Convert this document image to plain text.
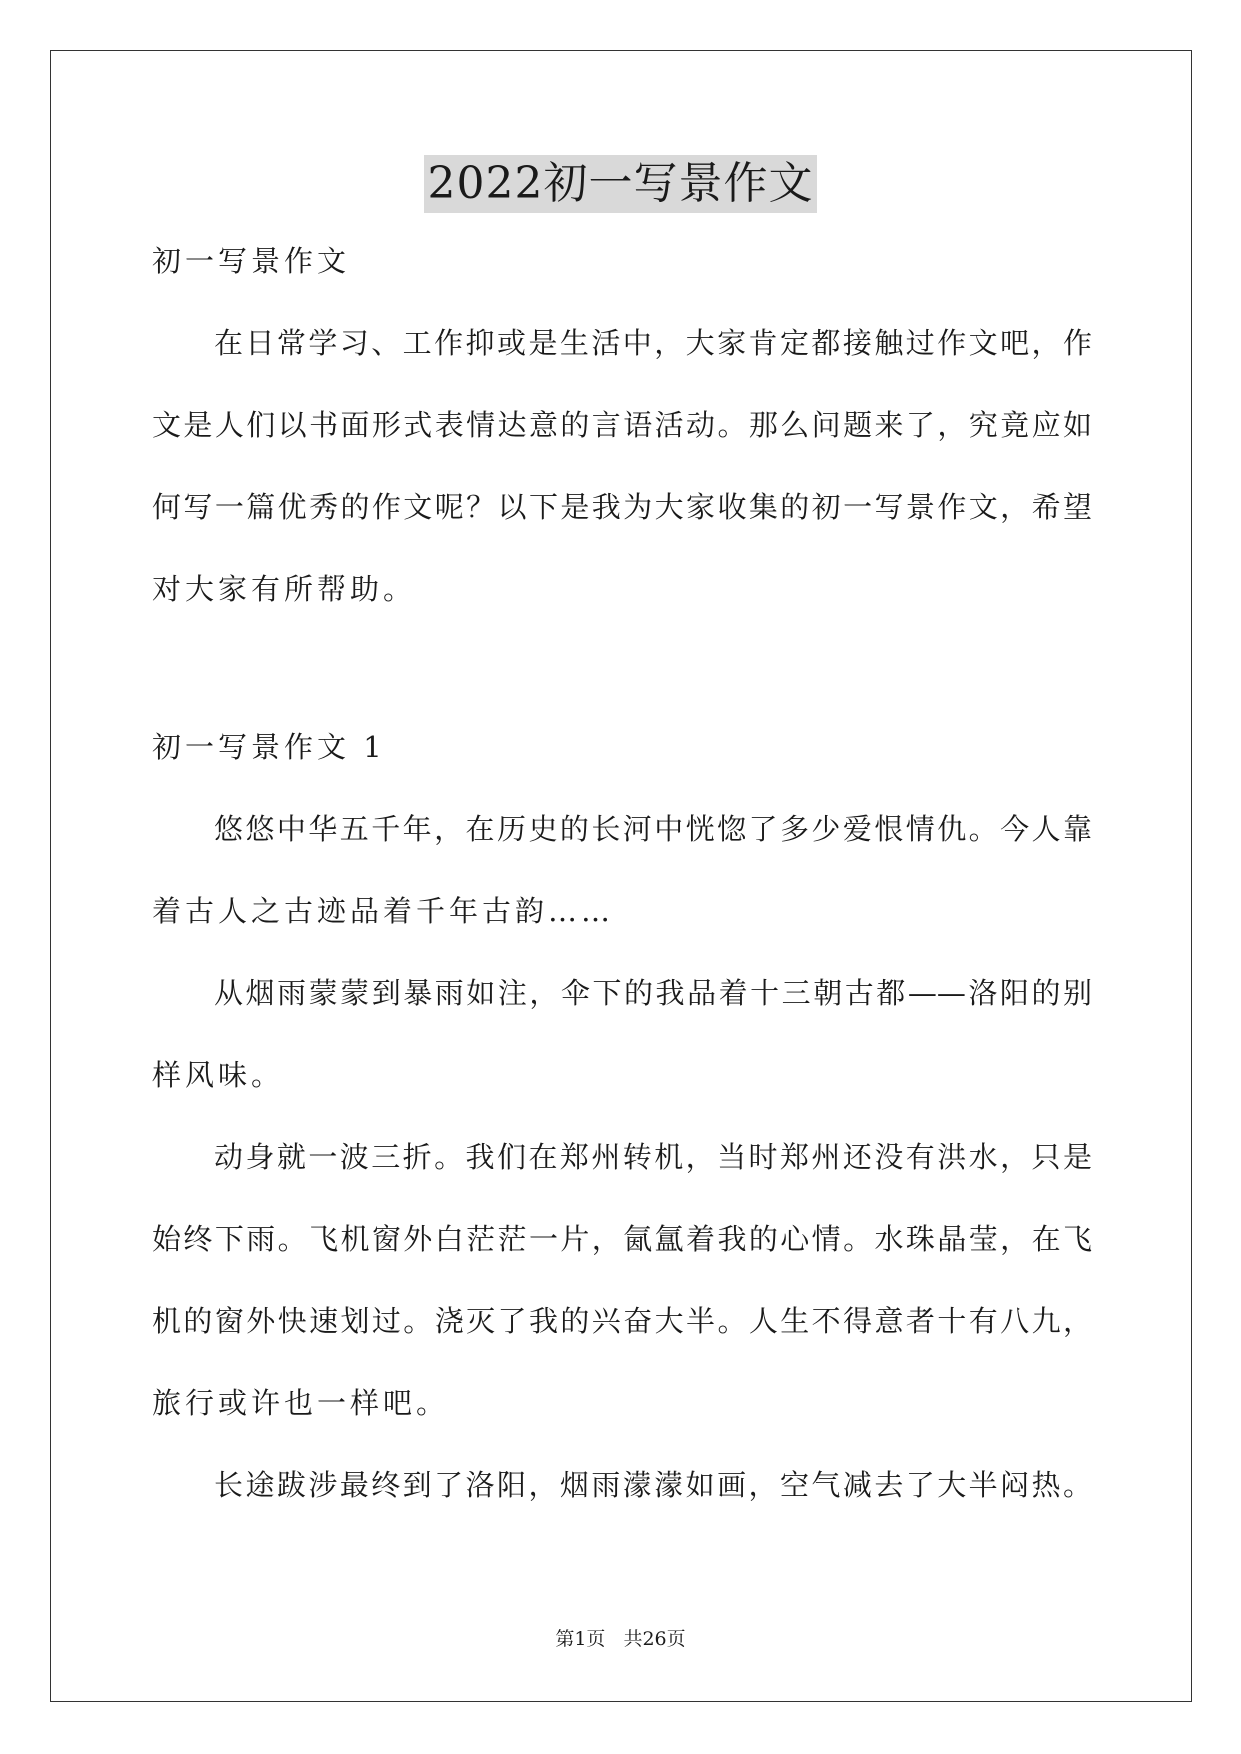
2022初一写景作文
初一写景作文
在日常学习、工作抑或是生活中，大家肯定都接触过作文吧，作
文是人们以书面形式表情达意的言语活动。那么问题来了，究竟应如
何写一篇优秀的作文呢？以下是我为大家收集的初一写景作文，希望
对大家有所帮助。
初一写景作文 1
悠悠中华五千年，在历史的长河中恍惚了多少爱恨情仇。今人靠
着古人之古迹品着千年古韵……
从烟雨蒙蒙到暴雨如注，伞下的我品着十三朝古都——洛阳的别
样风味。
动身就一波三折。我们在郑州转机，当时郑州还没有洪水，只是
始终下雨。飞机窗外白茫茫一片，氤氲着我的心情。水珠晶莹，在飞
机的窗外快速划过。浇灭了我的兴奋大半。人生不得意者十有八九，
旅行或许也一样吧。
长途跋涉最终到了洛阳，烟雨濛濛如画，空气减去了大半闷热。
第1页 共26页
